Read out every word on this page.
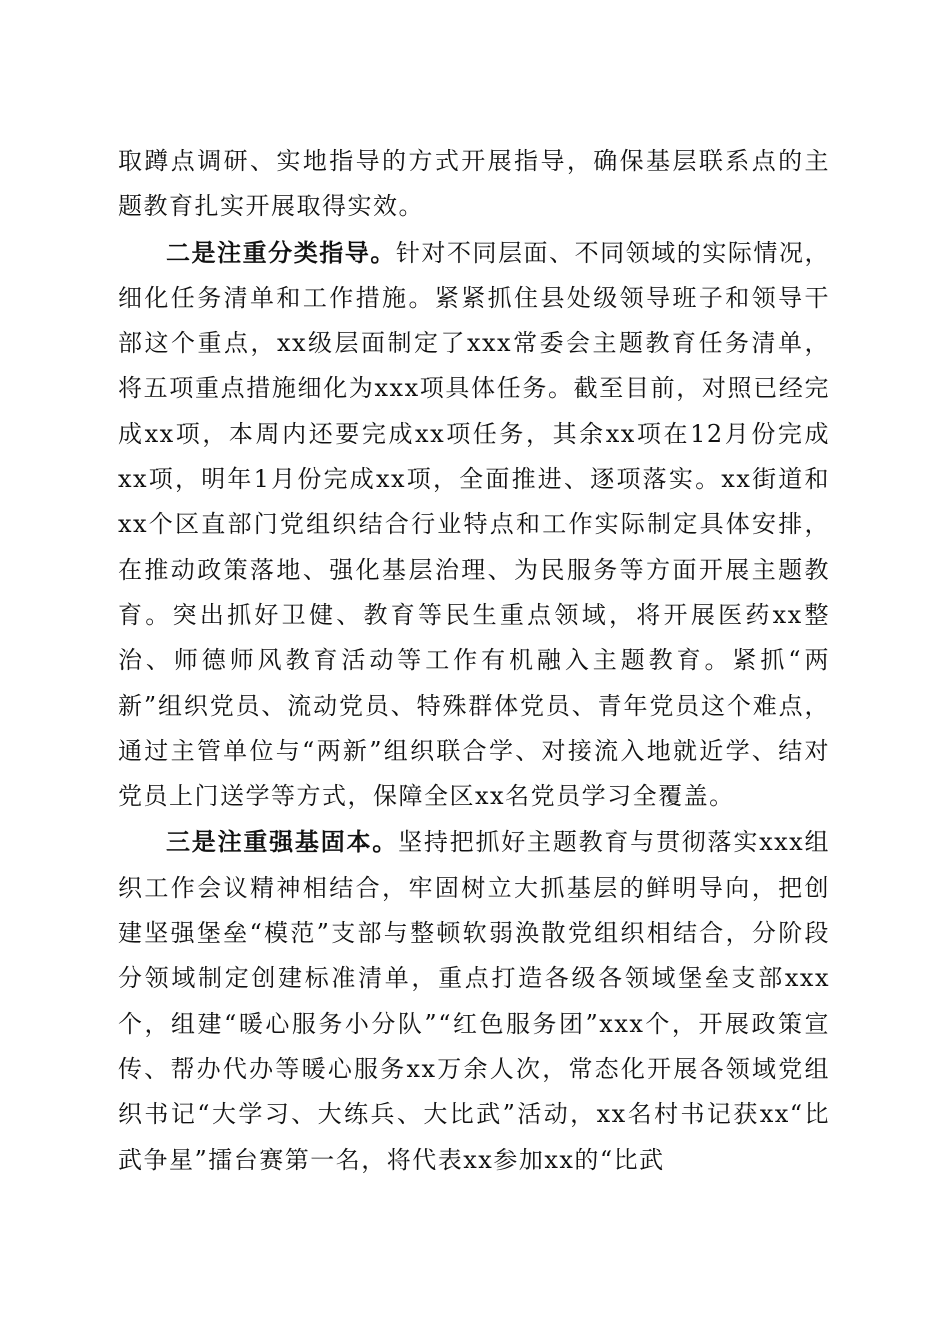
取蹲点调研、实地指导的方式开展指导，确保基层联系点的主题教育扎实开展取得实效。

二是注重分类指导。针对不同层面、不同领域的实际情况，细化任务清单和工作措施。紧紧抓住县处级领导班子和领导干部这个重点，xx级层面制定了xxx常委会主题教育任务清单，将五项重点措施细化为xxx项具体任务。截至目前，对照已经完成xx项，本周内还要完成xx项任务，其余xx项在12月份完成xx项，明年1月份完成xx项，全面推进、逐项落实。xx街道和xx个区直部门党组织结合行业特点和工作实际制定具体安排，在推动政策落地、强化基层治理、为民服务等方面开展主题教育。突出抓好卫健、教育等民生重点领域，将开展医药xx整治、师德师风教育活动等工作有机融入主题教育。紧抓“两新”组织党员、流动党员、特殊群体党员、青年党员这个难点，通过主管单位与“两新”组织联合学、对接流入地就近学、结对党员上门送学等方式，保障全区xx名党员学习全覆盖。

三是注重强基固本。坚持把抓好主题教育与贯彻落实xxx组织工作会议精神相结合，牢固树立大抓基层的鲜明导向，把创建坚强堡垒“模范”支部与整顿软弱涣散党组织相结合，分阶段分领域制定创建标准清单，重点打造各级各领域堡垒支部xxx个，组建“暖心服务小分队”“红色服务团”xxx个，开展政策宣传、帮办代办等暖心服务xx万余人次，常态化开展各领域党组织书记“大学习、大练兵、大比武”活动，xx名村书记获xx“比武争星”擂台赛第一名，将代表xx参加xx的“比武
